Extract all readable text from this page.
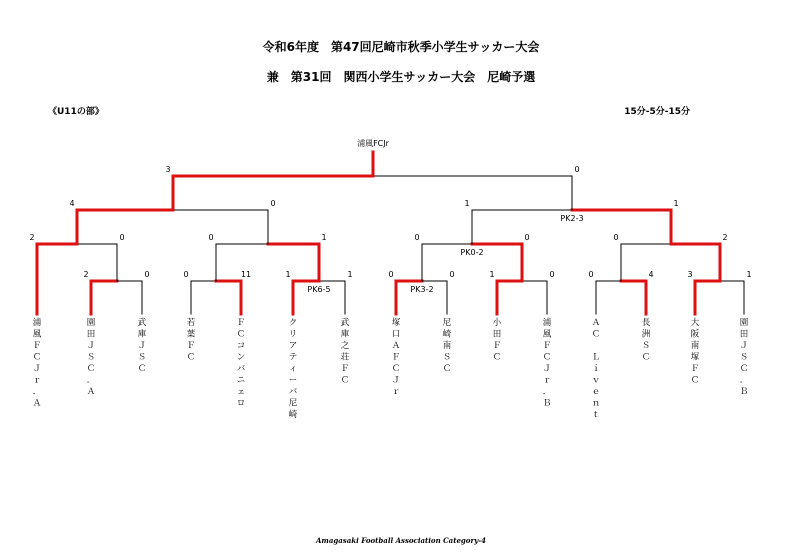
令和6年度　第47回尼崎市秋季小学生サッカー大会
兼　第31回　関西小学生サッカー大会　尼崎予選
《U11の部》	15分-5分-15分
2	0	0	11	1	1
PK6-5
0	0
PK3-2
1	0	0	4	3	1
2	0	0	1	0	0
PK0-2
0	2
4	0	1	1
PK2-3
3	0
浦風FCJr

Amagasaki Football Association Category-4
